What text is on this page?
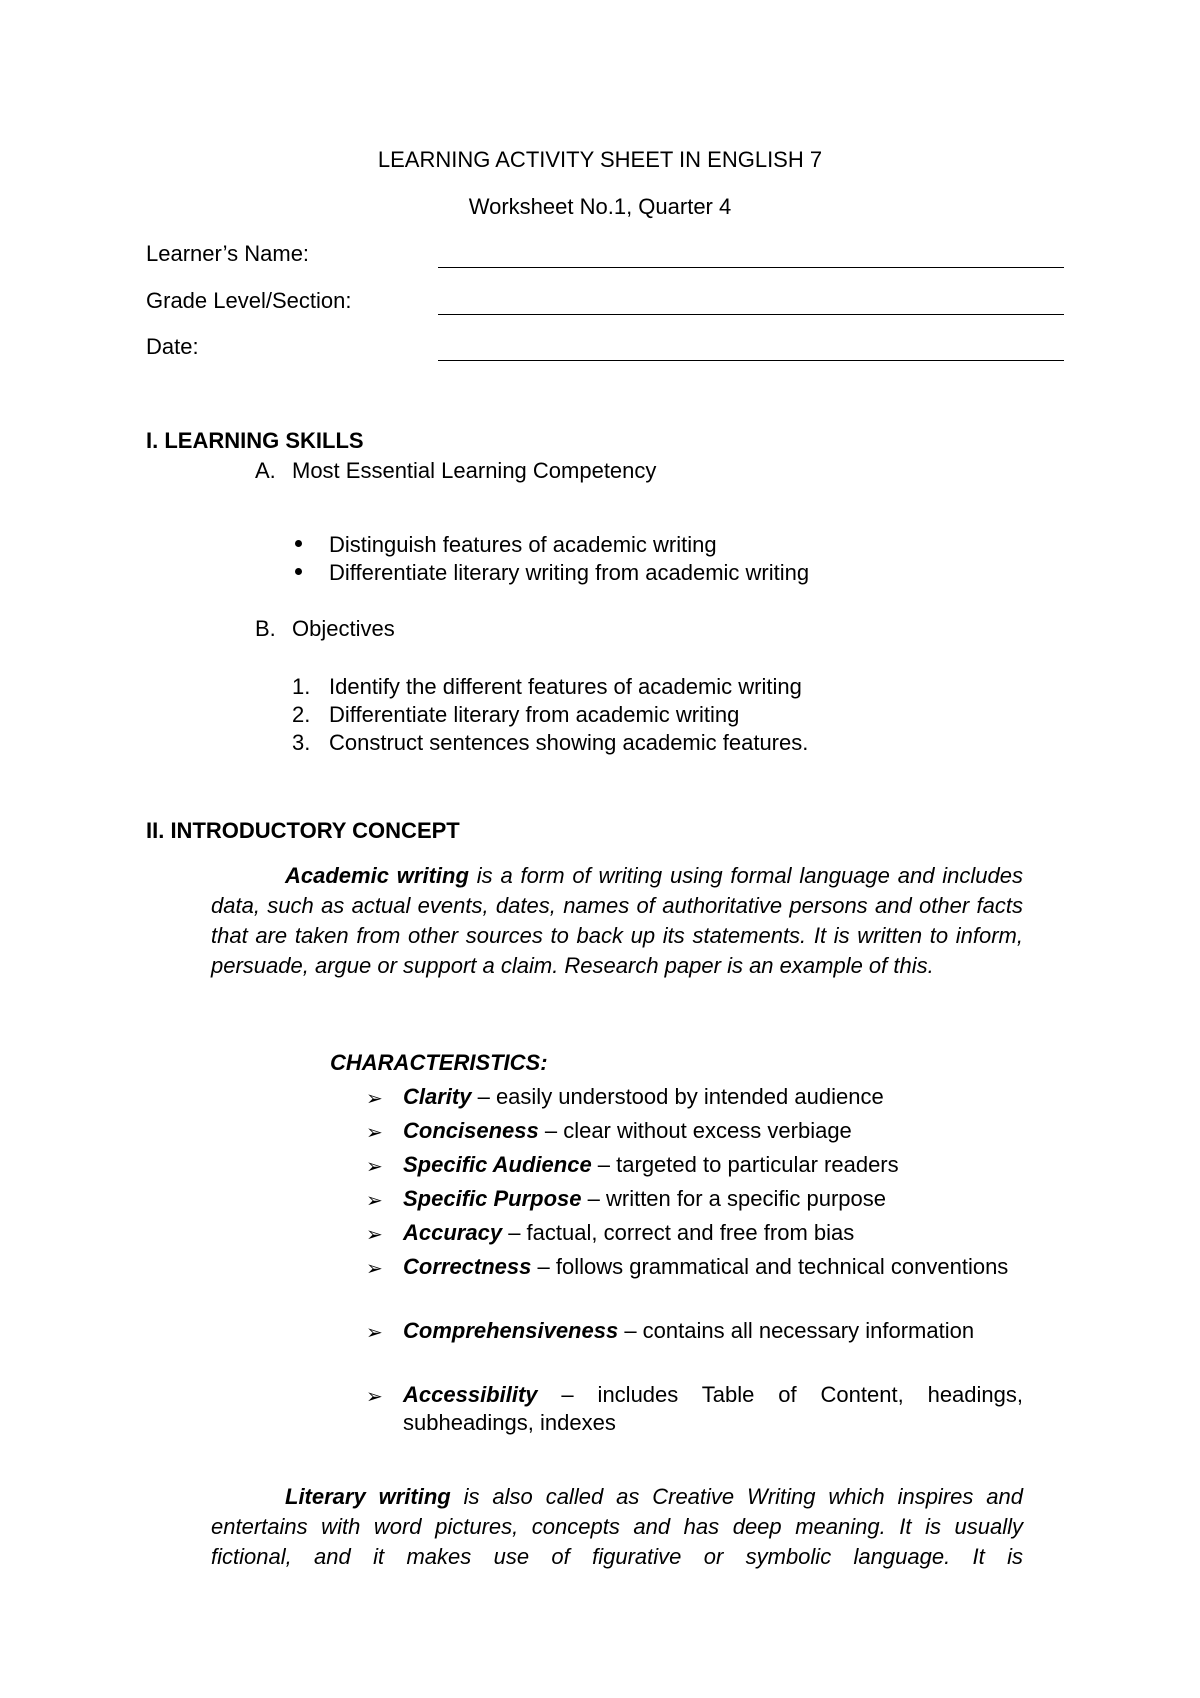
LEARNING ACTIVITY SHEET IN ENGLISH 7
Worksheet No.1, Quarter 4
Learner’s Name:
Grade Level/Section:
Date:
I. LEARNING SKILLS
A. Most Essential Learning Competency
Distinguish features of academic writing
Differentiate literary writing from academic writing
B. Objectives
1. Identify the different features of academic writing
2. Differentiate literary from academic writing
3. Construct sentences showing academic features.
II. INTRODUCTORY CONCEPT
Academic writing is a form of writing using formal language and includes data, such as actual events, dates, names of authoritative persons and other facts that are taken from other sources to back up its statements. It is written to inform, persuade, argue or support a claim. Research paper is an example of this.
CHARACTERISTICS:
➢ Clarity – easily understood by intended audience
➢ Conciseness – clear without excess verbiage
➢ Specific Audience – targeted to particular readers
➢ Specific Purpose – written for a specific purpose
➢ Accuracy – factual, correct and free from bias
➢ Correctness – follows grammatical and technical conventions
➢ Comprehensiveness – contains all necessary information
➢ Accessibility – includes Table of Content, headings, subheadings, indexes
Literary writing is also called as Creative Writing which inspires and entertains with word pictures, concepts and has deep meaning. It is usually fictional, and it makes use of figurative or symbolic language. It is
